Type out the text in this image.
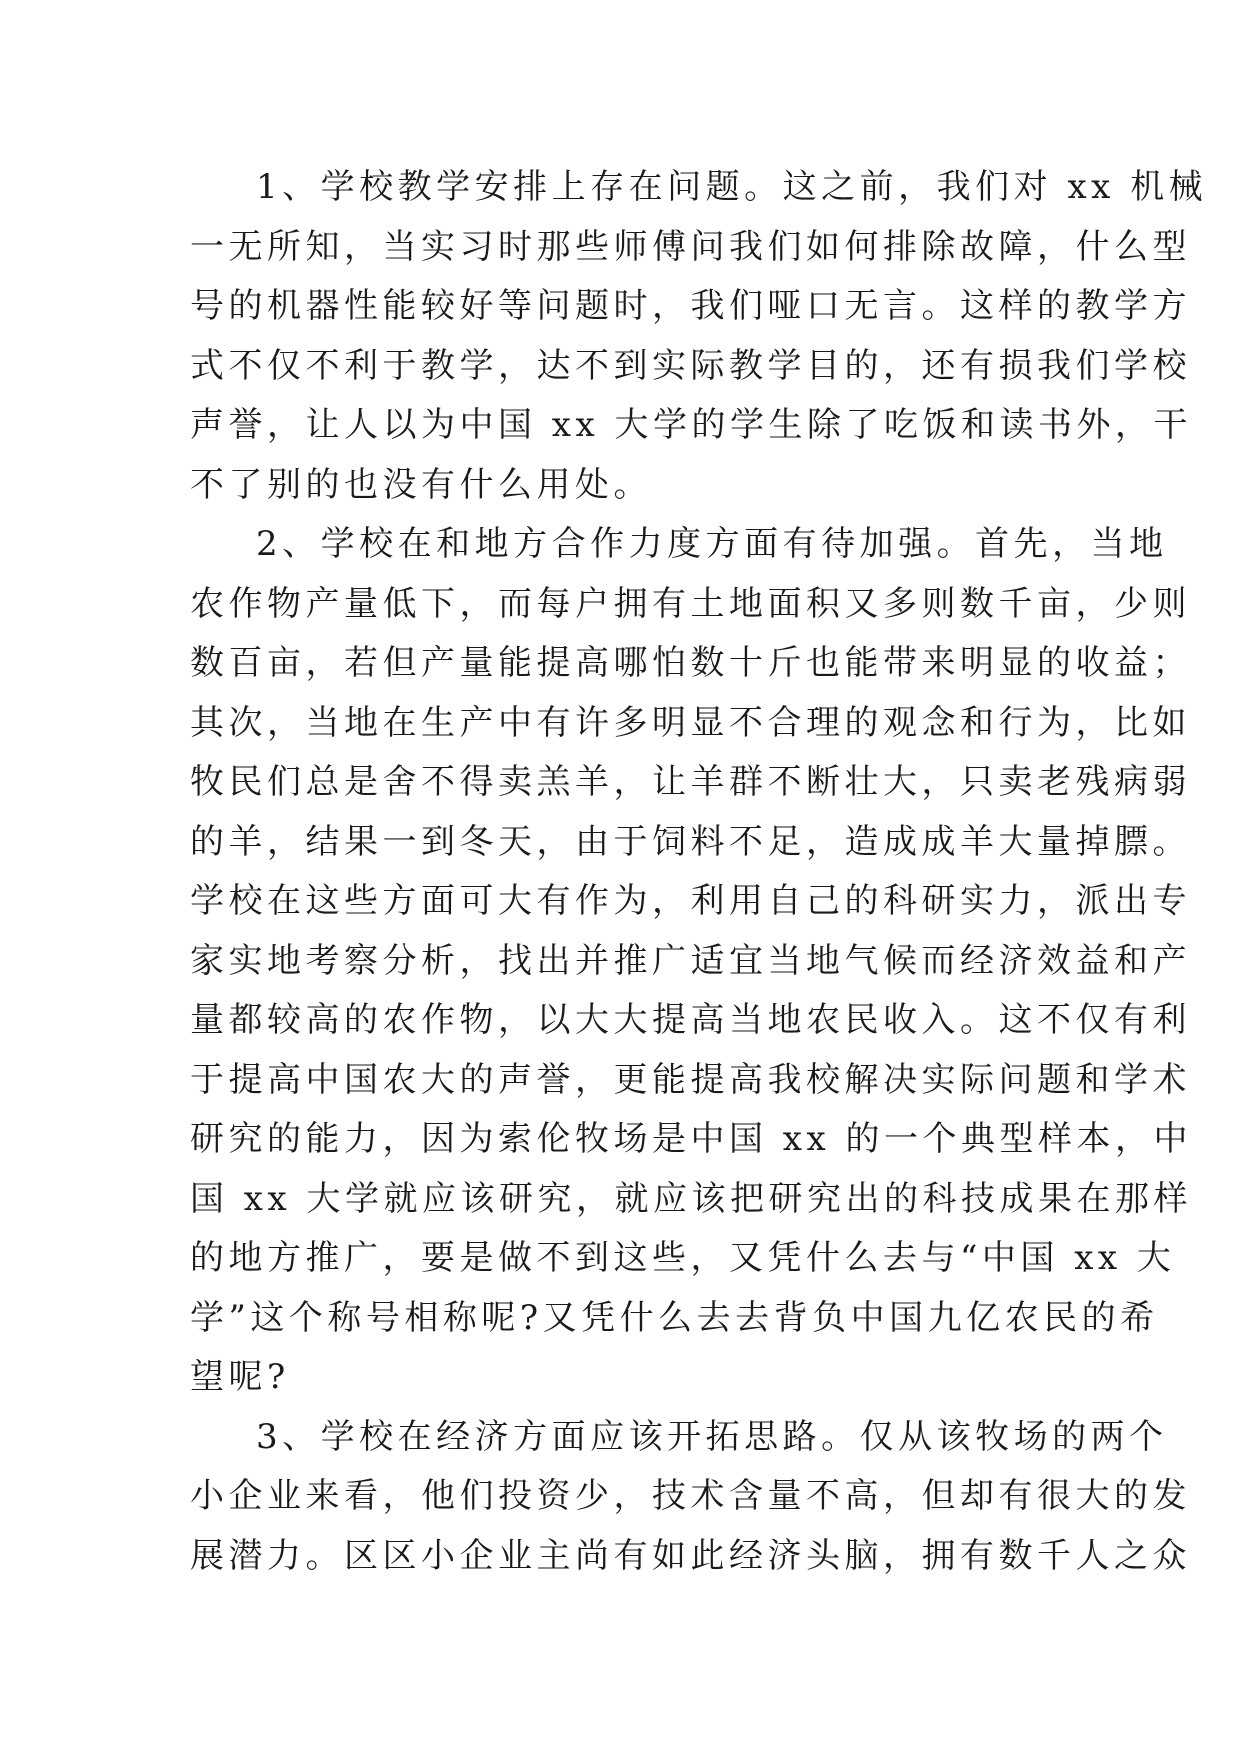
1、学校教学安排上存在问题。这之前，我们对 xx 机械
一无所知，当实习时那些师傅问我们如何排除故障，什么型
号的机器性能较好等问题时，我们哑口无言。这样的教学方
式不仅不利于教学，达不到实际教学目的，还有损我们学校
声誉，让人以为中国 xx 大学的学生除了吃饭和读书外，干
不了别的也没有什么用处。
2、学校在和地方合作力度方面有待加强。首先，当地
农作物产量低下，而每户拥有土地面积又多则数千亩，少则
数百亩，若但产量能提高哪怕数十斤也能带来明显的收益；
其次，当地在生产中有许多明显不合理的观念和行为，比如
牧民们总是舍不得卖羔羊，让羊群不断壮大，只卖老残病弱
的羊，结果一到冬天，由于饲料不足，造成成羊大量掉膘。
学校在这些方面可大有作为，利用自己的科研实力，派出专
家实地考察分析，找出并推广适宜当地气候而经济效益和产
量都较高的农作物，以大大提高当地农民收入。这不仅有利
于提高中国农大的声誉，更能提高我校解决实际问题和学术
研究的能力，因为索伦牧场是中国 xx 的一个典型样本，中
国 xx 大学就应该研究，就应该把研究出的科技成果在那样
的地方推广，要是做不到这些，又凭什么去与“中国 xx 大
学”这个称号相称呢?又凭什么去去背负中国九亿农民的希
望呢?
3、学校在经济方面应该开拓思路。仅从该牧场的两个
小企业来看，他们投资少，技术含量不高，但却有很大的发
展潜力。区区小企业主尚有如此经济头脑，拥有数千人之众
